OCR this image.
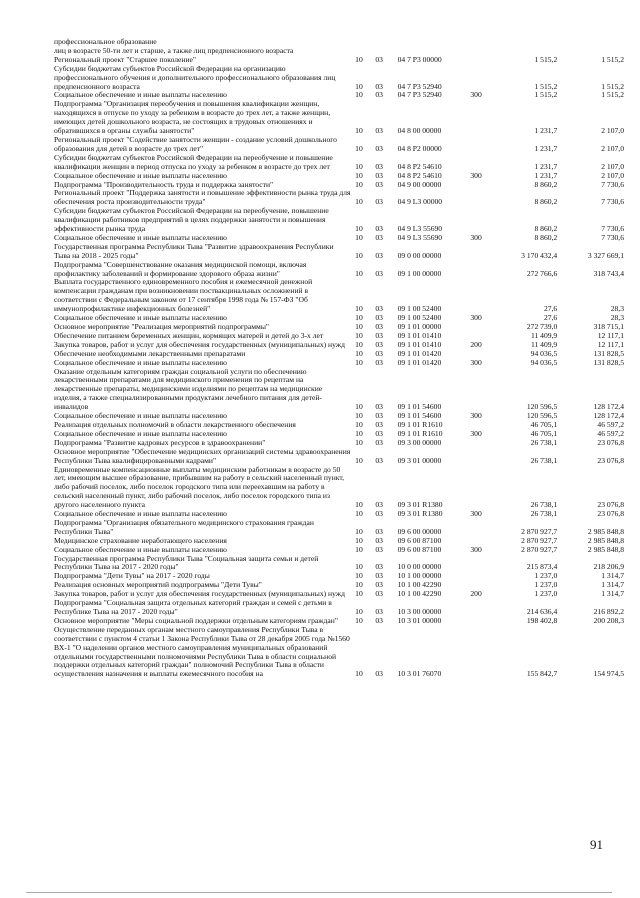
профессиональное образование						
лиц в возрасте 50-ти лет и старше, а также лиц предпенсионного возраста						
Региональный проект "Старшее поколение"	10	03	04 7 P3 00000		1 515,2	1 515,2
Субсидии бюджетам субъектов Российской Федерации на организацию профессионального обучения и дополнительного профессионального образования лиц предпенсионного возраста	10	03	04 7 P3 52940		1 515,2	1 515,2
Социальное обеспечение и иные выплаты населению	10	03	04 7 P3 52940	300	1 515,2	1 515,2
Подпрограмма "Организация переобучения и повышения квалификации женщин, находящихся в отпуске по уходу за ребенком в возрасте до трех лет, а также женщин, имеющих детей дошкольного возраста, не состоящих в трудовых отношениях и обратившихся в органы службы занятости"	10	03	04 8 00 00000		1 231,7	2 107,0
Региональный проект "Содействие занятости женщин - создание условий дошкольного образования для детей в возрасте до трех лет"	10	03	04 8 P2 00000		1 231,7	2 107,0
Субсидии бюджетам субъектов Российской Федерации на переобучение и повышение квалификации женщин в период отпуска по уходу за ребенком в возрасте до трех лет	10	03	04 8 P2 54610		1 231,7	2 107,0
Социальное обеспечение и иные выплаты населению	10	03	04 8 P2 54610	300	1 231,7	2 107,0
Подпрограмма "Производительность труда и поддержка занятости"	10	03	04 9 00 00000		8 860,2	7 730,6
Региональный проект "Поддержка занятости и повышение эффективности рынка труда для обеспечения роста производительности труда"	10	03	04 9 L3 00000		8 860,2	7 730,6
Субсидии бюджетам субъектов Российской Федерации на переобучение, повышение квалификации работников предприятий в целях поддержки занятости и повышения эффективности рынка труда	10	03	04 9 L3 55690		8 860,2	7 730,6
Социальное обеспечение и иные выплаты населению	10	03	04 9 L3 55690	300	8 860,2	7 730,6
Государственная программа Республики Тыва "Развитие здравоохранения Республики Тыва на 2018 - 2025 годы"	10	03	09 0 00 00000		3 170 432,4	3 327 669,1
Подпрограмма "Совершенствование оказания медицинской помощи, включая профилактику заболеваний и формирование здорового образа жизни"	10	03	09 1 00 00000		272 766,6	318 743,4
Выплата государственного единовременного пособия и ежемесячной денежной компенсации гражданам при возникновении поствакцинальных осложнений в соответствии с Федеральным законом от 17 сентября 1998 года № 157-ФЗ "Об иммунопрофилактике инфекционных болезней"	10	03	09 1 00 52400		27,6	28,3
Социальное обеспечение и иные выплаты населению	10	03	09 1 00 52400	300	27,6	28,3
Основное мероприятие "Реализация мероприятий подпрограммы"	10	03	09 1 01 00000		272 739,0	318 715,1
Обеспечение питанием беременных женщин, кормящих матерей и детей до 3-х лет	10	03	09 1 01 01410		11 409,9	12 117,1
Закупка товаров, работ и услуг для обеспечения государственных (муниципальных) нужд	10	03	09 1 01 01410	200	11 409,9	12 117,1
Обеспечение необходимыми лекарственными препаратами	10	03	09 1 01 01420		94 036,5	131 828,5
Социальное обеспечение и иные выплаты населению	10	03	09 1 01 01420	300	94 036,5	131 828,5
Оказание отдельным категориям граждан социальной услуги по обеспечению лекарственными препаратами для медицинского применения по рецептам на лекарственные препараты, медицинскими изделиями по рецептам на медицинские изделия, а также специализированными продуктами лечебного питания для детей-инвалидов	10	03	09 1 01 54600		120 596,5	128 172,4
Социальное обеспечение и иные выплаты населению	10	03	09 1 01 54600	300	120 596,5	128 172,4
Реализация отдельных полномочий в области лекарственного обеспечения	10	03	09 1 01 R1610		46 705,1	46 597,2
Социальное обеспечение и иные выплаты населению	10	03	09 1 01 R1610	300	46 705,1	46 597,2
Подпрограмма "Развитие кадровых ресурсов в здравоохранении"	10	03	09 3 00 00000		26 738,1	23 076,8
Основное мероприятие "Обеспечение медицинских организаций системы здравоохранения Республики Тыва квалифицированными кадрами"	10	03	09 3 01 00000		26 738,1	23 076,8
Единовременные компенсационные выплаты медицинским работникам в возрасте до 50 лет, имеющим высшее образование, прибывшим на работу в сельский населенный пункт, либо рабочий поселок, либо поселок городского типа или переехавшим на работу в сельский населенный пункт, либо рабочий поселок, либо поселок городского типа из другого населенного пункта	10	03	09 3 01 R1380		26 738,1	23 076,8
Социальное обеспечение и иные выплаты населению	10	03	09 3 01 R1380	300	26 738,1	23 076,8
Подпрограмма "Организация обязательного медицинского страхования граждан Республики Тыва"	10	03	09 6 00 00000		2 870 927,7	2 985 848,8
Медицинское страхование неработающего населения	10	03	09 6 00 87100		2 870 927,7	2 985 848,8
Социальное обеспечение и иные выплаты населению	10	03	09 6 00 87100	300	2 870 927,7	2 985 848,8
Государственная программа Республики Тыва "Социальная защита семьи и детей Республики Тыва на 2017 - 2020 годы"	10	03	10 0 00 00000		215 873,4	218 206,9
Подпрограмма "Дети Тувы" на 2017 - 2020 годы	10	03	10 1 00 00000		1 237,0	1 314,7
Реализация основных мероприятий подпрограммы "Дети Тувы"	10	03	10 1 00 42290		1 237,0	1 314,7
Закупка товаров, работ и услуг для обеспечения государственных (муниципальных) нужд	10	03	10 1 00 42290	200	1 237,0	1 314,7
Подпрограмма "Социальная защита отдельных категорий граждан и семей с детьми в Республике Тыва на 2017 - 2020 годы"	10	03	10 3 00 00000		214 636,4	216 892,2
Основное мероприятие "Меры социальной поддержки отдельным категориям граждан"	10	03	10 3 01 00000		198 402,8	200 208,3
Осуществление переданных органам местного самоуправления Республики Тыва в соответствии с пунктом 4 статьи 1 Закона Республики Тыва от 28 декабря 2005 года №1560 ВХ-1 "О наделении органов местного самоуправления муниципальных образований отдельными государственными полномочиями Республики Тыва в области социальной поддержки отдельных категорий граждан" полномочий Республики Тыва в области осуществления назначения и выплаты ежемесячного пособия на	10	03	10 3 01 76070		155 842,7	154 974,5
91
